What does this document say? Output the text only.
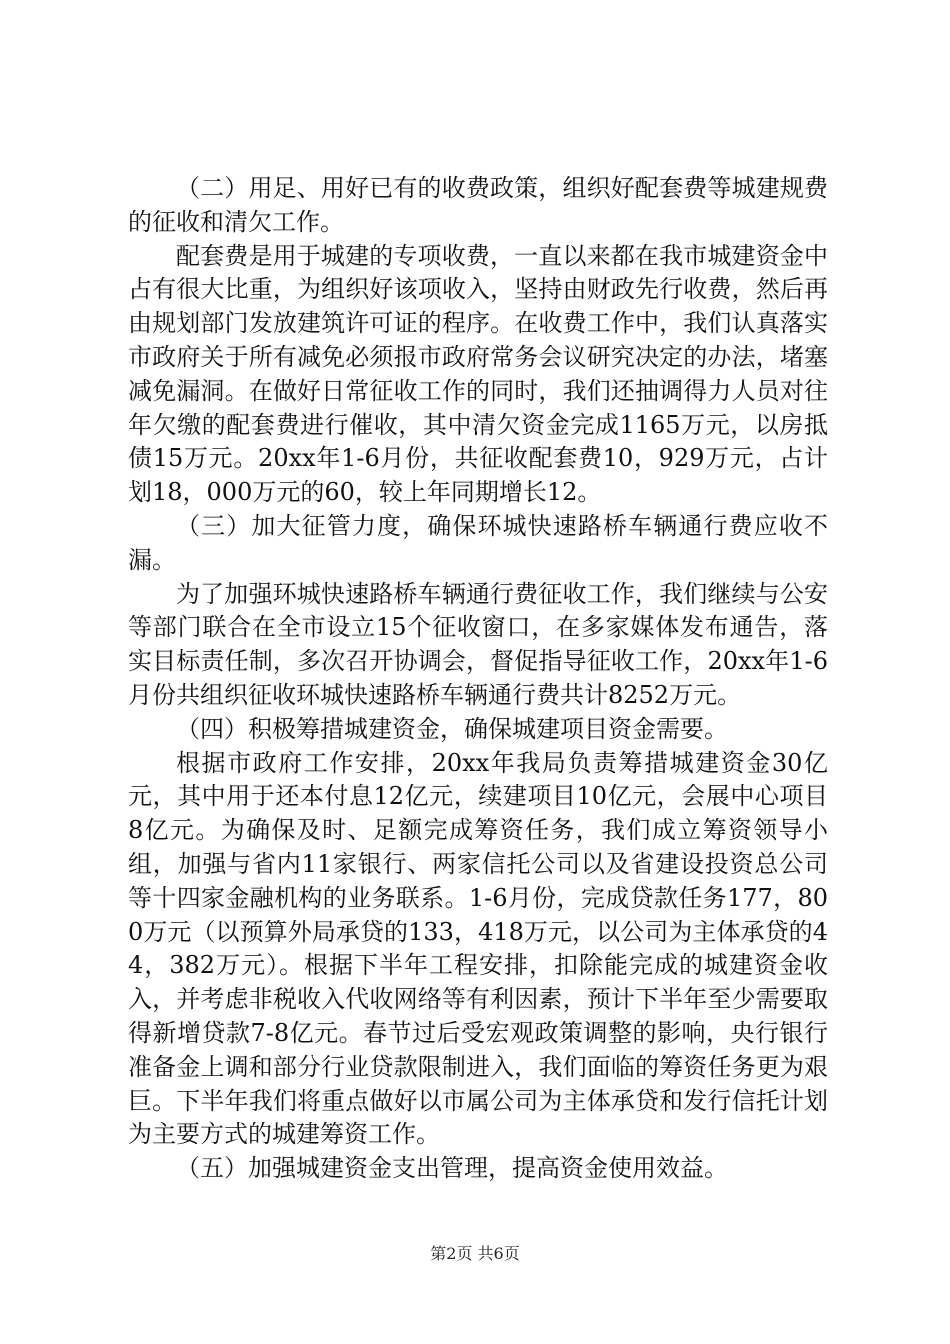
（二）用足、用好已有的收费政策，组织好配套费等城建规费的征收和清欠工作。

配套费是用于城建的专项收费，一直以来都在我市城建资金中占有很大比重，为组织好该项收入，坚持由财政先行收费，然后再由规划部门发放建筑许可证的程序。在收费工作中，我们认真落实市政府关于所有减免必须报市政府常务会议研究决定的办法，堵塞减免漏洞。在做好日常征收工作的同时，我们还抽调得力人员对往年欠缴的配套费进行催收，其中清欠资金完成1165万元，以房抵债15万元。20xx年1-6月份，共征收配套费10，929万元，占计划18，000万元的60，较上年同期增长12。

（三）加大征管力度，确保环城快速路桥车辆通行费应收不漏。

为了加强环城快速路桥车辆通行费征收工作，我们继续与公安等部门联合在全市设立15个征收窗口，在多家媒体发布通告，落实目标责任制，多次召开协调会，督促指导征收工作，20xx年1-6月份共组织征收环城快速路桥车辆通行费共计8252万元。

（四）积极筹措城建资金，确保城建项目资金需要。

根据市政府工作安排，20xx年我局负责筹措城建资金30亿元，其中用于还本付息12亿元，续建项目10亿元，会展中心项目8亿元。为确保及时、足额完成筹资任务，我们成立筹资领导小组，加强与省内11家银行、两家信托公司以及省建设投资总公司等十四家金融机构的业务联系。1-6月份，完成贷款任务177，800万元（以预算外局承贷的133，418万元，以公司为主体承贷的44，382万元）。根据下半年工程安排，扣除能完成的城建资金收入，并考虑非税收入代收网络等有利因素，预计下半年至少需要取得新增贷款7-8亿元。春节过后受宏观政策调整的影响，央行银行准备金上调和部分行业贷款限制进入，我们面临的筹资任务更为艰巨。下半年我们将重点做好以市属公司为主体承贷和发行信托计划为主要方式的城建筹资工作。

（五）加强城建资金支出管理，提高资金使用效益。

第2页 共6页
